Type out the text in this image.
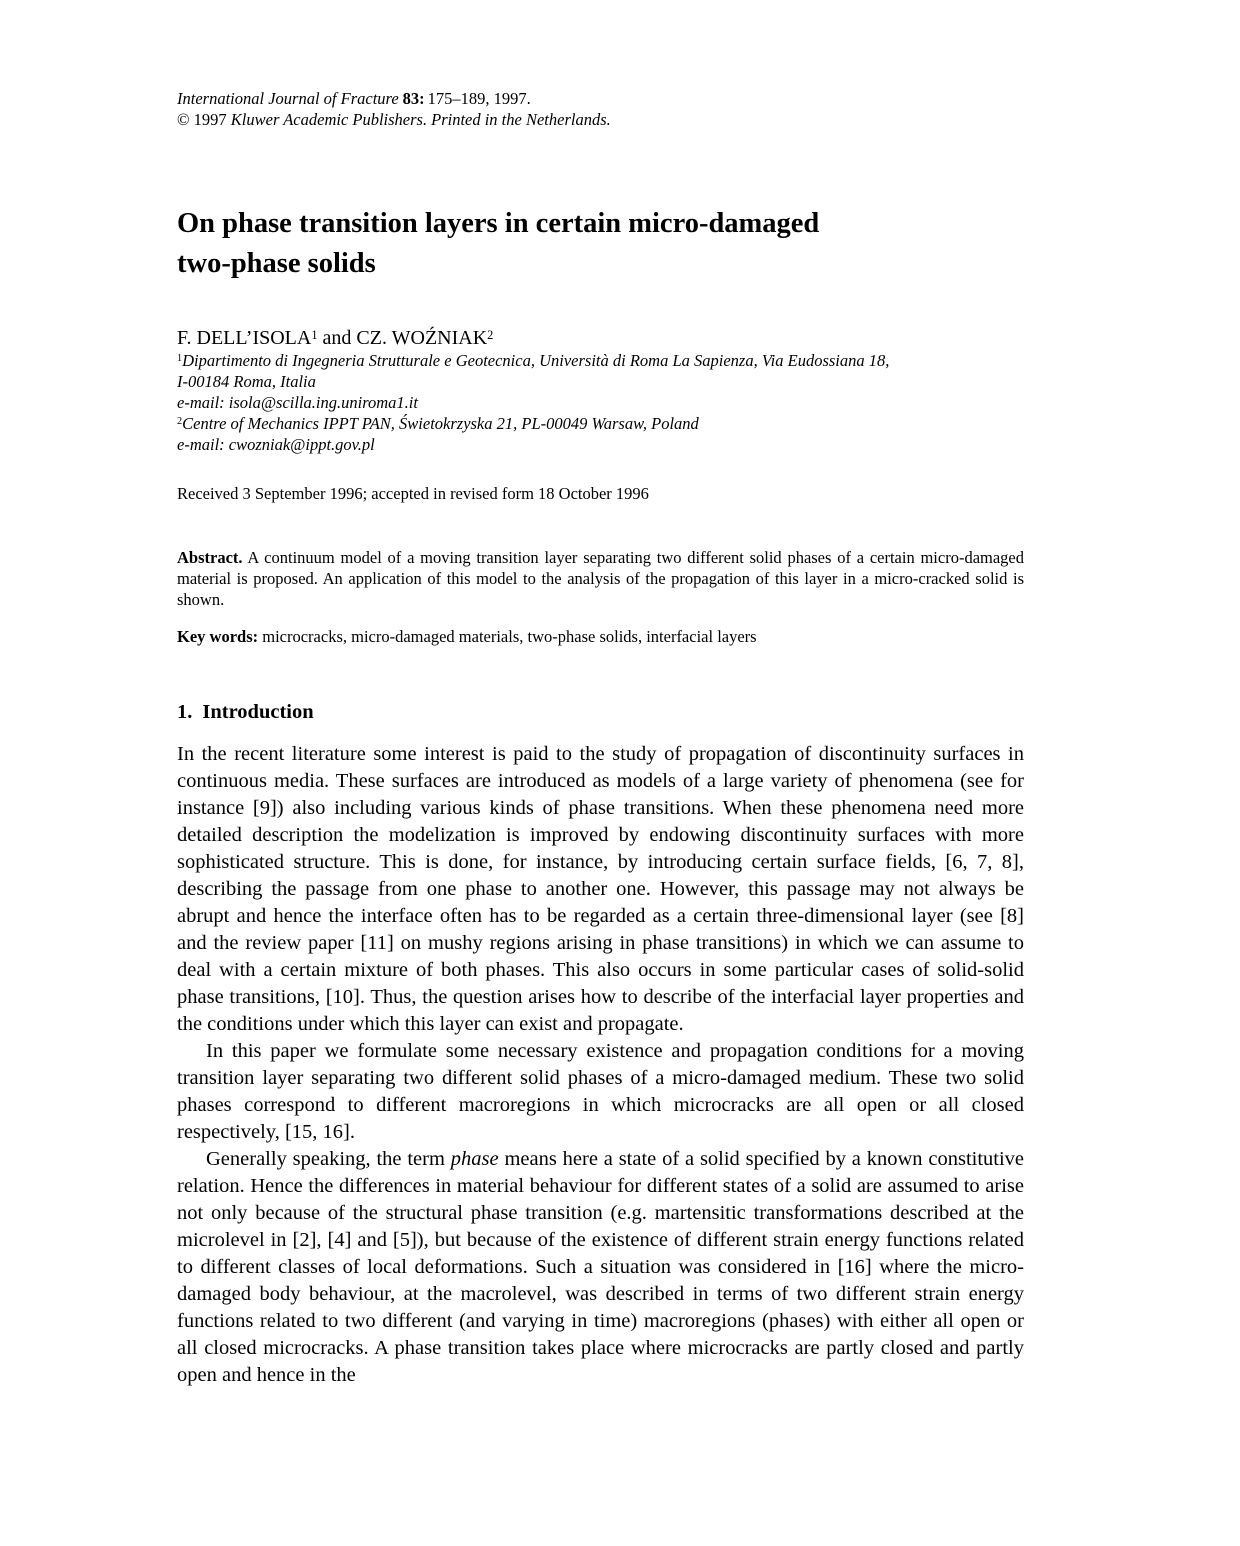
International Journal of Fracture 83: 175–189, 1997.
© 1997 Kluwer Academic Publishers. Printed in the Netherlands.
On phase transition layers in certain micro-damaged
two-phase solids
F. DELL’ISOLA$^1$ and CZ. WOŹNIAK$^2$
$^1$Dipartimento di Ingegneria Strutturale e Geotecnica, Università di Roma La Sapienza, Via Eudossiana 18,
I-00184 Roma, Italia
e-mail: isola@scilla.ing.uniroma1.it
$^2$Centre of Mechanics IPPT PAN, Świetokrzyska 21, PL-00049 Warsaw, Poland
e-mail: cwozniak@ippt.gov.pl
Received 3 September 1996; accepted in revised form 18 October 1996
Abstract. A continuum model of a moving transition layer separating two different solid phases of a certain micro-damaged material is proposed. An application of this model to the analysis of the propagation of this layer in a micro-cracked solid is shown.
Key words: microcracks, micro-damaged materials, two-phase solids, interfacial layers
1. Introduction

In the recent literature some interest is paid to the study of propagation of discontinuity surfaces in continuous media. These surfaces are introduced as models of a large variety of phenomena (see for instance [9]) also including various kinds of phase transitions. When these phenomena need more detailed description the modelization is improved by endowing discontinuity surfaces with more sophisticated structure. This is done, for instance, by introducing certain surface fields, [6, 7, 8], describing the passage from one phase to another one. However, this passage may not always be abrupt and hence the interface often has to be regarded as a certain three-dimensional layer (see [8] and the review paper [11] on mushy regions arising in phase transitions) in which we can assume to deal with a certain mixture of both phases. This also occurs in some particular cases of solid-solid phase transitions, [10]. Thus, the question arises how to describe of the interfacial layer properties and the conditions under which this layer can exist and propagate.

In this paper we formulate some necessary existence and propagation conditions for a moving transition layer separating two different solid phases of a micro-damaged medium. These two solid phases correspond to different macroregions in which microcracks are all open or all closed respectively, [15, 16].

Generally speaking, the term phase means here a state of a solid specified by a known constitutive relation. Hence the differences in material behaviour for different states of a solid are assumed to arise not only because of the structural phase transition (e.g. martensitic transformations described at the microlevel in [2], [4] and [5]), but because of the existence of different strain energy functions related to different classes of local deformations. Such a situation was considered in [16] where the micro-damaged body behaviour, at the macrolevel, was described in terms of two different strain energy functions related to two different (and varying in time) macroregions (phases) with either all open or all closed microcracks. A phase transition takes place where microcracks are partly closed and partly open and hence in the
